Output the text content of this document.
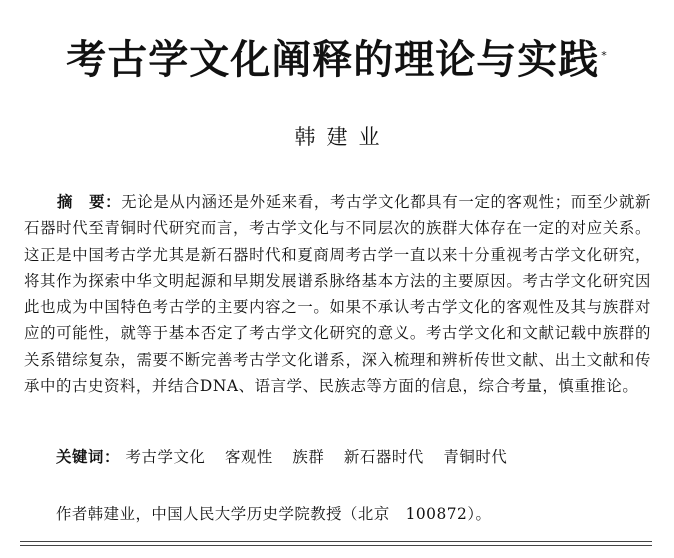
考古学文化阐释的理论与实践 *

韩建业

摘　要：无论是从内涵还是外延来看，考古学文化都具有一定的客观性；而至少就新石器时代至青铜时代研究而言，考古学文化与不同层次的族群大体存在一定的对应关系。这正是中国考古学尤其是新石器时代和夏商周考古学一直以来十分重视考古学文化研究，将其作为探索中华文明起源和早期发展谱系脉络基本方法的主要原因。考古学文化研究因此也成为中国特色考古学的主要内容之一。如果不承认考古学文化的客观性及其与族群对应的可能性，就等于基本否定了考古学文化研究的意义。考古学文化和文献记载中族群的关系错综复杂，需要不断完善考古学文化谱系，深入梳理和辨析传世文献、出土文献和传承中的古史资料，并结合DNA、语言学、民族志等方面的信息，综合考量，慎重推论。

关键词： 考古学文化 客观性 族群 新石器时代 青铜时代

作者韩建业，中国人民大学历史学院教授（北京　100872）。
